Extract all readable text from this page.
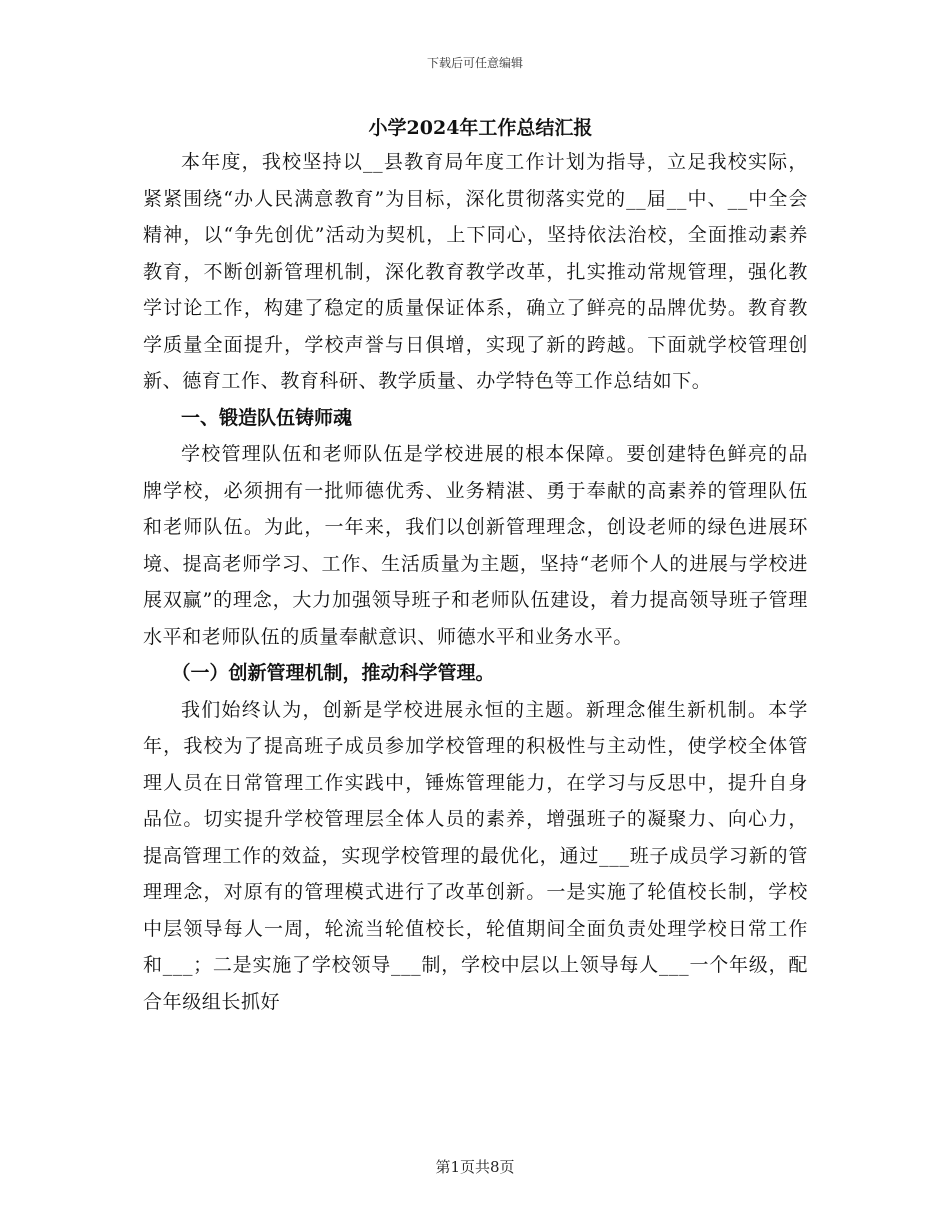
下载后可任意编辑
小学2024年工作总结汇报

本年度，我校坚持以__县教育局年度工作计划为指导，立足我校实际，紧紧围绕“办人民满意教育”为目标，深化贯彻落实党的__届__中、__中全会精神，以“争先创优”活动为契机，上下同心，坚持依法治校，全面推动素养教育，不断创新管理机制，深化教育教学改革，扎实推动常规管理，强化教学讨论工作，构建了稳定的质量保证体系，确立了鲜亮的品牌优势。教育教学质量全面提升，学校声誉与日俱增，实现了新的跨越。下面就学校管理创新、德育工作、教育科研、教学质量、办学特色等工作总结如下。

一、锻造队伍铸师魂

学校管理队伍和老师队伍是学校进展的根本保障。要创建特色鲜亮的品牌学校，必须拥有一批师德优秀、业务精湛、勇于奉献的高素养的管理队伍和老师队伍。为此，一年来，我们以创新管理理念，创设老师的绿色进展环境、提高老师学习、工作、生活质量为主题，坚持“老师个人的进展与学校进展双赢”的理念，大力加强领导班子和老师队伍建设，着力提高领导班子管理水平和老师队伍的质量奉献意识、师德水平和业务水平。

（一）创新管理机制，推动科学管理。

我们始终认为，创新是学校进展永恒的主题。新理念催生新机制。本学年，我校为了提高班子成员参加学校管理的积极性与主动性，使学校全体管理人员在日常管理工作实践中，锤炼管理能力，在学习与反思中，提升自身品位。切实提升学校管理层全体人员的素养，增强班子的凝聚力、向心力，提高管理工作的效益，实现学校管理的最优化，通过___班子成员学习新的管理理念，对原有的管理模式进行了改革创新。一是实施了轮值校长制，学校中层领导每人一周，轮流当轮值校长，轮值期间全面负责处理学校日常工作和___；二是实施了学校领导___制，学校中层以上领导每人___一个年级，配合年级组长抓好

第1页共8页
